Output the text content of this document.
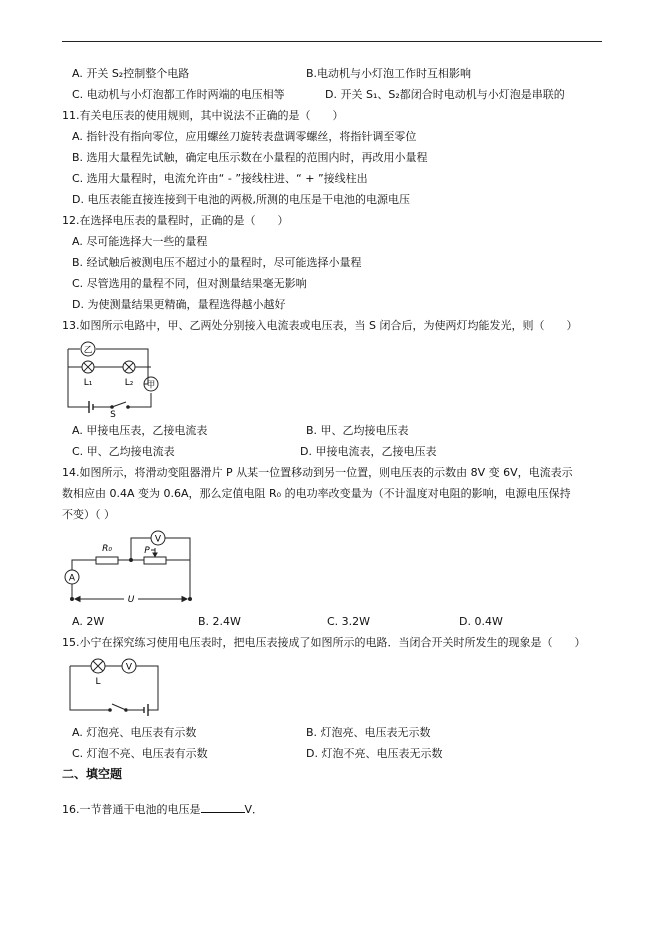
A. 开关 S₂控制整个电路	B.电动机与小灯泡工作时互相影响
C. 电动机与小灯泡都工作时两端的电压相等	D. 开关 S₁、S₂都闭合时电动机与小灯泡是串联的
11.有关电压表的使用规则，其中说法不正确的是（　　）
A. 指针没有指向零位，应用螺丝刀旋转表盘调零螺丝，将指针调至零位
B. 选用大量程先试触，确定电压示数在小量程的范围内时，再改用小量程
C. 选用大量程时，电流允许由“ - ”接线柱进、“ + ”接线柱出
D. 电压表能直接连接到干电池的两极,所测的电压是干电池的电源电压
12.在选择电压表的量程时，正确的是（　　）
A. 尽可能选择大一些的量程
B. 经试触后被测电压不超过小的量程时，尽可能选择小量程
C. 尽管选用的量程不同，但对测量结果毫无影响
D. 为使测量结果更精确，量程选得越小越好
13.如图所示电路中，甲、乙两处分别接入电流表或电压表，当 S 闭合后，为使两灯均能发光，则（　　）
乙
甲
L₁	L₂
S
A. 甲接电压表，乙接电流表	B. 甲、乙均接电压表
C. 甲、乙均接电流表	D. 甲接电流表，乙接电压表
14.如图所示，将滑动变阻器滑片 P 从某一位置移动到另一位置，则电压表的示数由 8V 变 6V，电流表示
数相应由 0.4A 变为 0.6A，那么定值电阻 R₀ 的电功率改变量为（不计温度对电阻的影响，电源电压保持
不变）（ ）
R₀	P
V
A
U
A. 2W	B. 2.4W	C. 3.2W	D. 0.4W
15.小宁在探究练习使用电压表时，把电压表接成了如图所示的电路．当闭合开关时所发生的现象是（　　）
L
V
A. 灯泡亮、电压表有示数	B. 灯泡亮、电压表无示数
C. 灯泡不亮、电压表有示数	D. 灯泡不亮、电压表无示数
二、填空题
16.一节普通干电池的电压是	V．
